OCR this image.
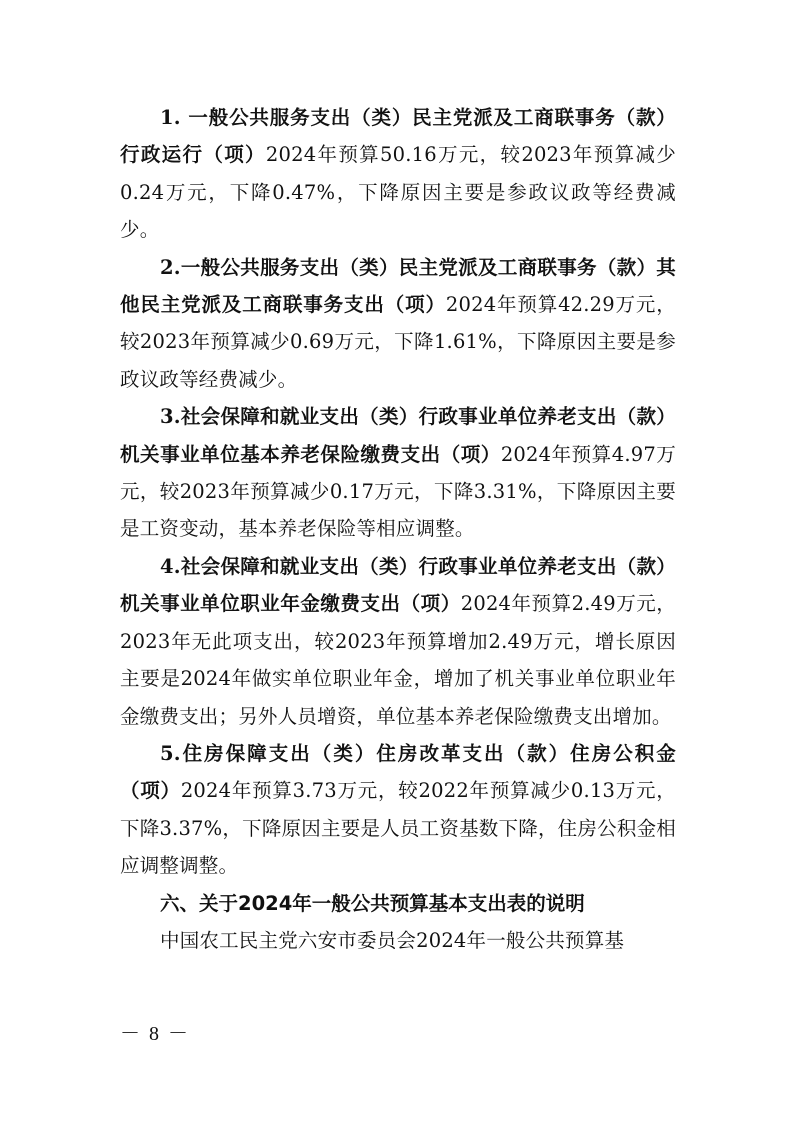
1. 一般公共服务支出（类）民主党派及工商联事务（款）行政运行（项）2024年预算50.16万元，较2023年预算减少0.24万元，下降0.47%，下降原因主要是参政议政等经费减少。

2.一般公共服务支出（类）民主党派及工商联事务（款）其他民主党派及工商联事务支出（项）2024年预算42.29万元，较2023年预算减少0.69万元，下降1.61%，下降原因主要是参政议政等经费减少。

3.社会保障和就业支出（类）行政事业单位养老支出（款）机关事业单位基本养老保险缴费支出（项）2024年预算4.97万元，较2023年预算减少0.17万元，下降3.31%，下降原因主要是工资变动，基本养老保险等相应调整。

4.社会保障和就业支出（类）行政事业单位养老支出（款）机关事业单位职业年金缴费支出（项）2024年预算2.49万元，2023年无此项支出，较2023年预算增加2.49万元，增长原因主要是2024年做实单位职业年金，增加了机关事业单位职业年金缴费支出；另外人员增资，单位基本养老保险缴费支出增加。

5.住房保障支出（类）住房改革支出（款）住房公积金（项）2024年预算3.73万元，较2022年预算减少0.13万元，下降3.37%，下降原因主要是人员工资基数下降，住房公积金相应调整调整。

六、关于2024年一般公共预算基本支出表的说明

中国农工民主党六安市委员会2024年一般公共预算基

－ 8 －
